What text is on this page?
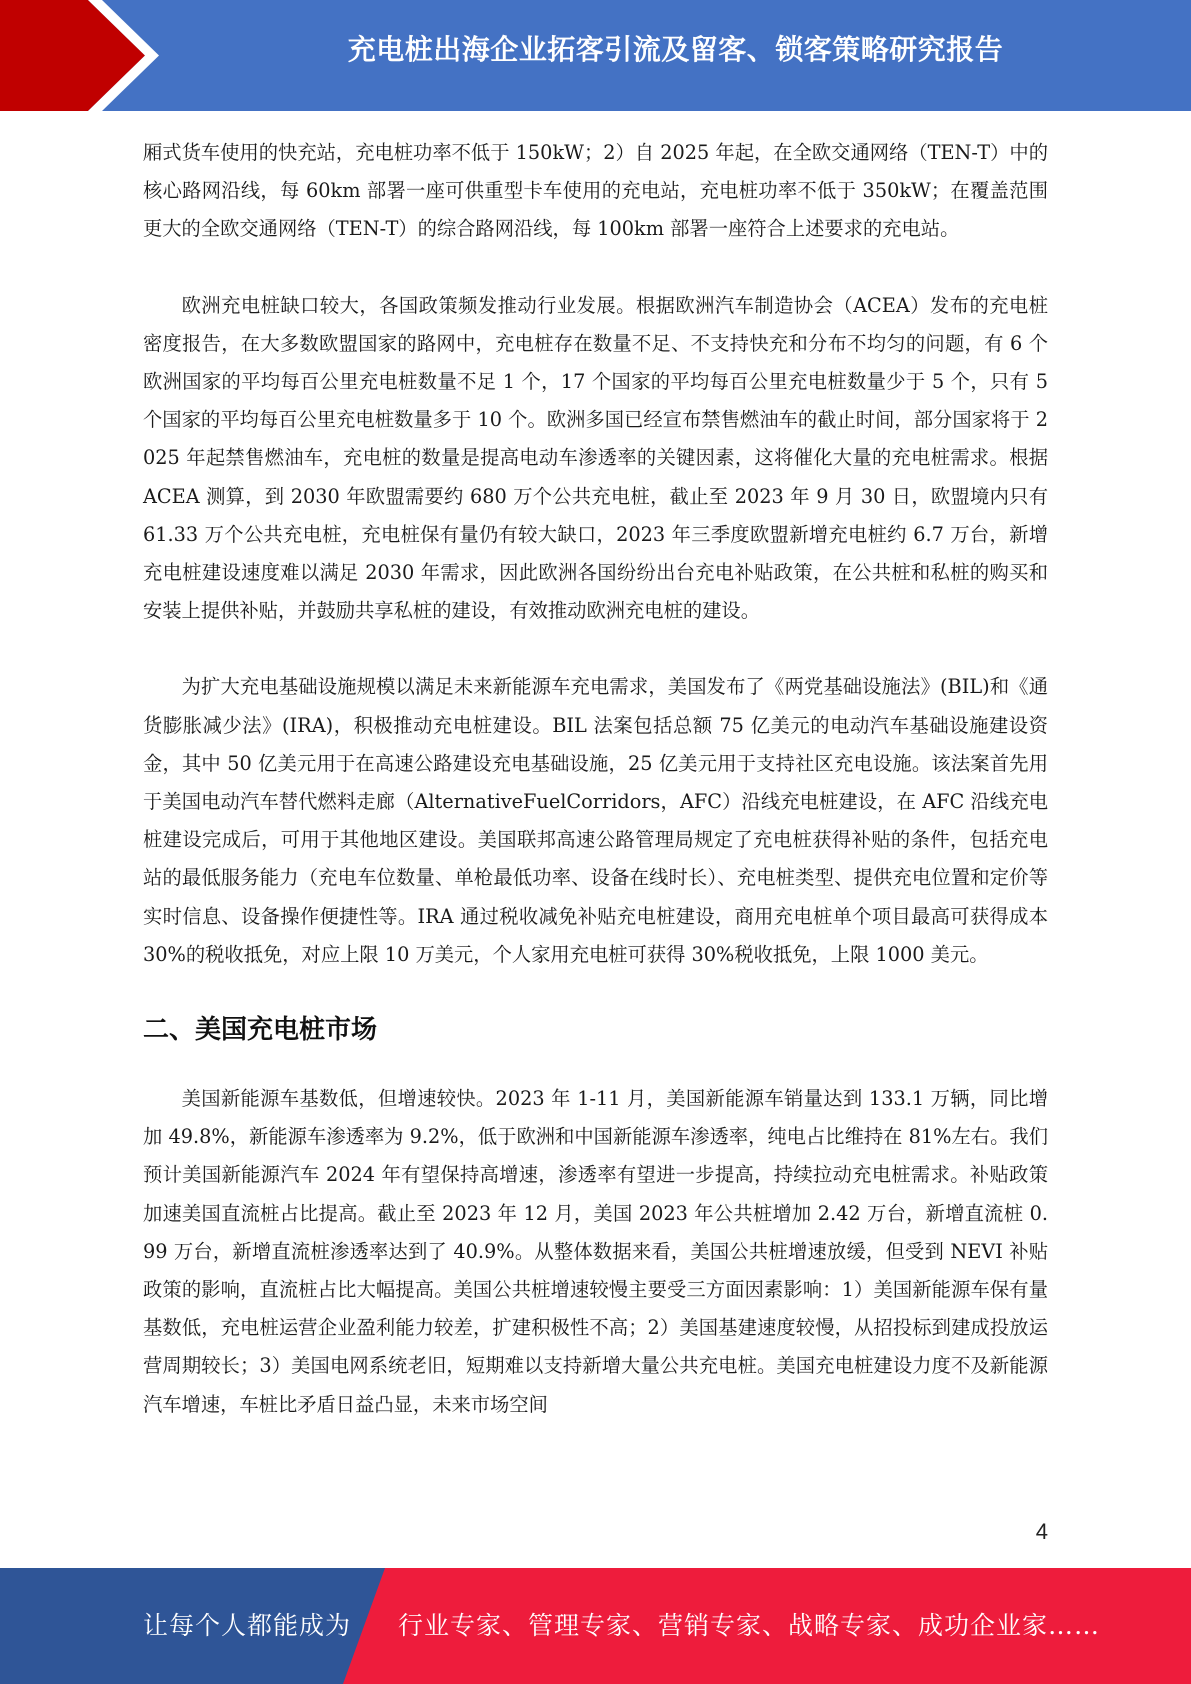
充电桩出海企业拓客引流及留客、锁客策略研究报告

厢式货车使用的快充站，充电桩功率不低于 150kW；2）自 2025 年起，在全欧交通网络（TEN-T）中的核心路网沿线，每 60km 部署一座可供重型卡车使用的充电站，充电桩功率不低于 350kW；在覆盖范围更大的全欧交通网络（TEN-T）的综合路网沿线，每 100km 部署一座符合上述要求的充电站。

欧洲充电桩缺口较大，各国政策频发推动行业发展。根据欧洲汽车制造协会（ACEA）发布的充电桩密度报告，在大多数欧盟国家的路网中，充电桩存在数量不足、不支持快充和分布不均匀的问题，有 6 个欧洲国家的平均每百公里充电桩数量不足 1 个，17 个国家的平均每百公里充电桩数量少于 5 个，只有 5 个国家的平均每百公里充电桩数量多于 10 个。欧洲多国已经宣布禁售燃油车的截止时间，部分国家将于 2025 年起禁售燃油车，充电桩的数量是提高电动车渗透率的关键因素，这将催化大量的充电桩需求。根据 ACEA 测算，到 2030 年欧盟需要约 680 万个公共充电桩，截止至 2023 年 9 月 30 日，欧盟境内只有 61.33 万个公共充电桩，充电桩保有量仍有较大缺口，2023 年三季度欧盟新增充电桩约 6.7 万台，新增充电桩建设速度难以满足 2030 年需求，因此欧洲各国纷纷出台充电补贴政策，在公共桩和私桩的购买和安装上提供补贴，并鼓励共享私桩的建设，有效推动欧洲充电桩的建设。

为扩大充电基础设施规模以满足未来新能源车充电需求，美国发布了《两党基础设施法》(BIL)和《通货膨胀减少法》(IRA)，积极推动充电桩建设。BIL 法案包括总额 75 亿美元的电动汽车基础设施建设资金，其中 50 亿美元用于在高速公路建设充电基础设施，25 亿美元用于支持社区充电设施。该法案首先用于美国电动汽车替代燃料走廊（AlternativeFuelCorridors，AFC）沿线充电桩建设，在 AFC 沿线充电桩建设完成后，可用于其他地区建设。美国联邦高速公路管理局规定了充电桩获得补贴的条件，包括充电站的最低服务能力（充电车位数量、单枪最低功率、设备在线时长）、充电桩类型、提供充电位置和定价等实时信息、设备操作便捷性等。IRA 通过税收减免补贴充电桩建设，商用充电桩单个项目最高可获得成本 30%的税收抵免，对应上限 10 万美元，个人家用充电桩可获得 30%税收抵免，上限 1000 美元。

二、美国充电桩市场

美国新能源车基数低，但增速较快。2023 年 1-11 月，美国新能源车销量达到 133.1 万辆，同比增加 49.8%，新能源车渗透率为 9.2%，低于欧洲和中国新能源车渗透率，纯电占比维持在 81%左右。我们预计美国新能源汽车 2024 年有望保持高增速，渗透率有望进一步提高，持续拉动充电桩需求。补贴政策加速美国直流桩占比提高。截止至 2023 年 12 月，美国 2023 年公共桩增加 2.42 万台，新增直流桩 0.99 万台，新增直流桩渗透率达到了 40.9%。从整体数据来看，美国公共桩增速放缓，但受到 NEVI 补贴政策的影响，直流桩占比大幅提高。美国公共桩增速较慢主要受三方面因素影响：1）美国新能源车保有量基数低，充电桩运营企业盈利能力较差，扩建积极性不高；2）美国基建速度较慢，从招投标到建成投放运营周期较长；3）美国电网系统老旧，短期难以支持新增大量公共充电桩。美国充电桩建设力度不及新能源汽车增速，车桩比矛盾日益凸显，未来市场空间

4
让每个人都能成为 行业专家、管理专家、营销专家、战略专家、成功企业家……
